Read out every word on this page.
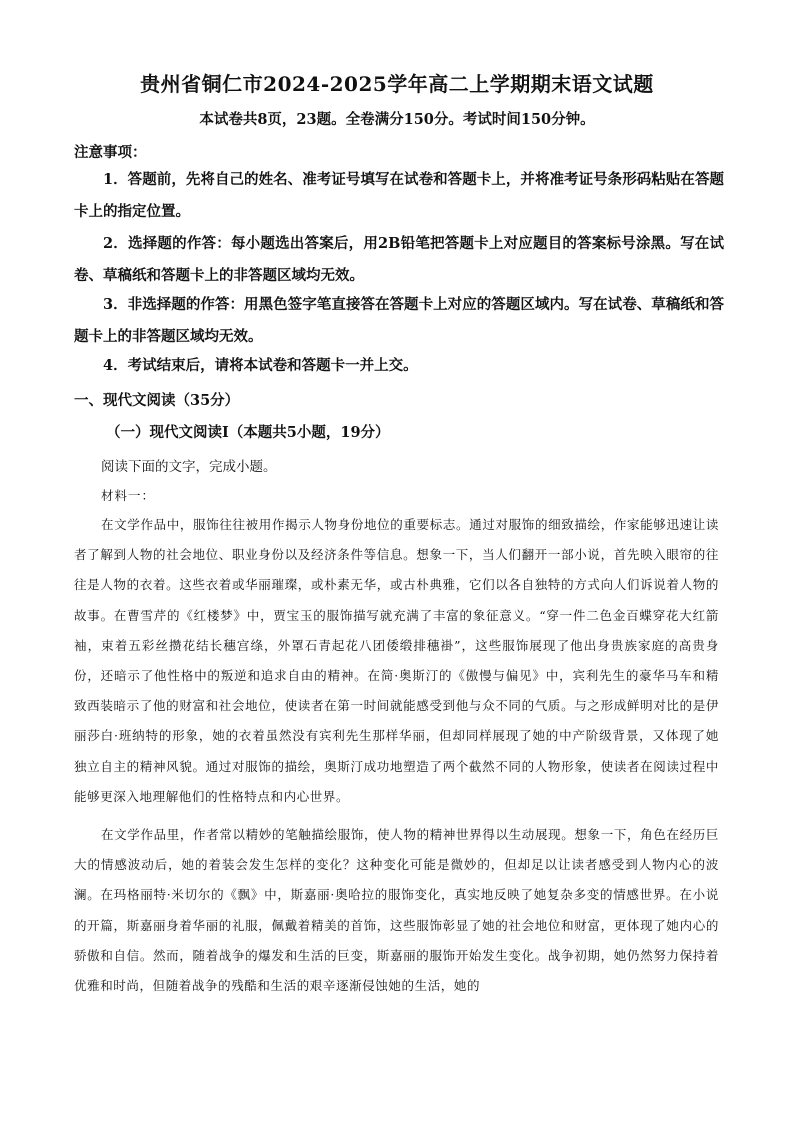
贵州省铜仁市2024-2025学年高二上学期期末语文试题
本试卷共8页，23题。全卷满分150分。考试时间150分钟。
注意事项：
1．答题前，先将自己的姓名、准考证号填写在试卷和答题卡上，并将准考证号条形码粘贴在答题卡上的指定位置。
2．选择题的作答：每小题选出答案后，用2B铅笔把答题卡上对应题目的答案标号涂黑。写在试卷、草稿纸和答题卡上的非答题区域均无效。
3．非选择题的作答：用黑色签字笔直接答在答题卡上对应的答题区域内。写在试卷、草稿纸和答题卡上的非答题区域均无效。
4．考试结束后，请将本试卷和答题卡一并上交。
一、现代文阅读（35分）
（一）现代文阅读Ⅰ（本题共5小题，19分）
阅读下面的文字，完成小题。
材料一：
在文学作品中，服饰往往被用作揭示人物身份地位的重要标志。通过对服饰的细致描绘，作家能够迅速让读者了解到人物的社会地位、职业身份以及经济条件等信息。想象一下，当人们翻开一部小说，首先映入眼帘的往往是人物的衣着。这些衣着或华丽璀璨，或朴素无华，或古朴典雅，它们以各自独特的方式向人们诉说着人物的故事。在曹雪芹的《红楼梦》中，贾宝玉的服饰描写就充满了丰富的象征意义。“穿一件二色金百蝶穿花大红箭袖，束着五彩丝攒花结长穗宫绦，外罩石青起花八团倭缎排穗褂”，这些服饰展现了他出身贵族家庭的高贵身份，还暗示了他性格中的叛逆和追求自由的精神。在简·奥斯汀的《傲慢与偏见》中，宾利先生的豪华马车和精致西装暗示了他的财富和社会地位，使读者在第一时间就能感受到他与众不同的气质。与之形成鲜明对比的是伊丽莎白·班纳特的形象，她的衣着虽然没有宾利先生那样华丽，但却同样展现了她的中产阶级背景，又体现了她独立自主的精神风貌。通过对服饰的描绘，奥斯汀成功地塑造了两个截然不同的人物形象，使读者在阅读过程中能够更深入地理解他们的性格特点和内心世界。
在文学作品里，作者常以精妙的笔触描绘服饰，使人物的精神世界得以生动展现。想象一下，角色在经历巨大的情感波动后，她的着装会发生怎样的变化？这种变化可能是微妙的，但却足以让读者感受到人物内心的波澜。在玛格丽特·米切尔的《飘》中，斯嘉丽·奥哈拉的服饰变化，真实地反映了她复杂多变的情感世界。在小说的开篇，斯嘉丽身着华丽的礼服，佩戴着精美的首饰，这些服饰彰显了她的社会地位和财富，更体现了她内心的骄傲和自信。然而，随着战争的爆发和生活的巨变，斯嘉丽的服饰开始发生变化。战争初期，她仍然努力保持着优雅和时尚，但随着战争的残酷和生活的艰辛逐渐侵蚀她的生活，她的
